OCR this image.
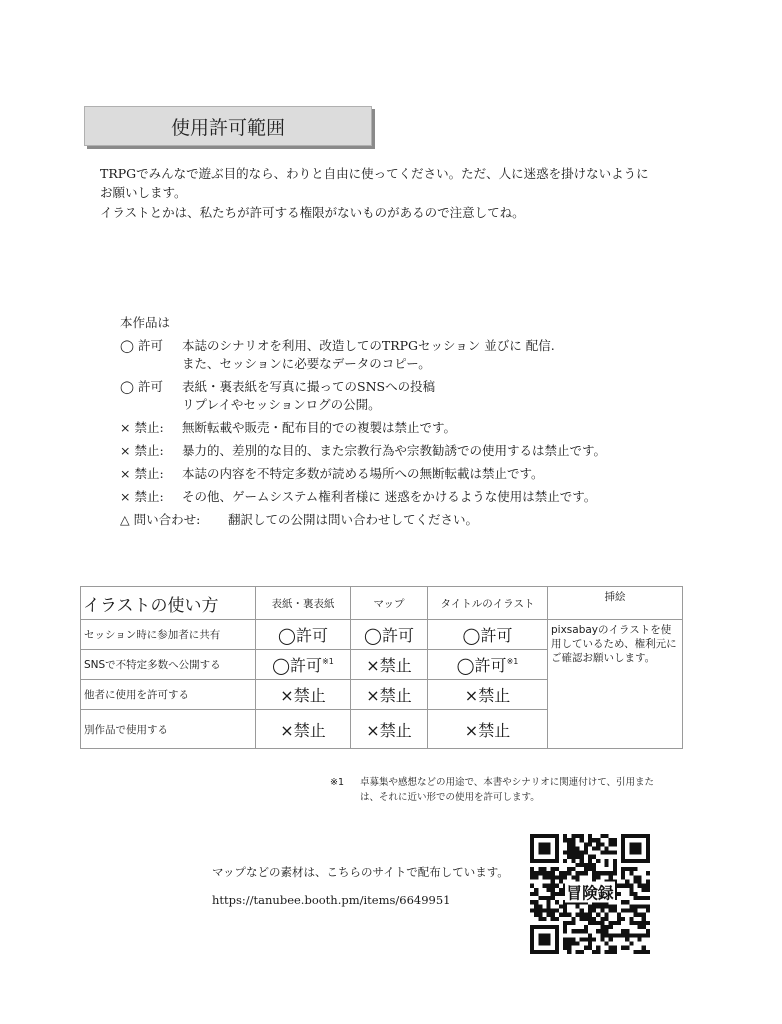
使用許可範囲

TRPGでみんなで遊ぶ目的なら、わりと自由に使ってください。ただ、人に迷惑を掛けないように
お願いします。

イラストとかは、私たちが許可する権限がないものがあるので注意してね。

本作品は

◯ 許可	本誌のシナリオを利用、改造してのTRPGセッション 並びに 配信.

また、セッションに必要なデータのコピー。

◯ 許可	表紙・裏表紙を写真に撮ってのSNSへの投稿

リプレイやセッションログの公開。

× 禁止:	無断転載や販売・配布目的での複製は禁止です。

× 禁止:	暴力的、差別的な目的、また宗教行為や宗教勧誘での使用するは禁止です。

× 禁止:	本誌の内容を不特定多数が読める場所への無断転載は禁止です。

× 禁止:	その他、ゲームシステム権利者様に 迷惑をかけるような使用は禁止です。

△ 問い合わせ:	翻訳しての公開は問い合わせしてください。

イラストの使い方	表紙・裏表紙	マップ	タイトルのイラスト	挿絵
セッション時に参加者に共有	◯許可	◯許可	◯許可	pixsabayのイラストを使用しているため、権利元にご確認お願いします。
SNSで不特定多数へ公開する	◯許可$^{※1}$	×禁止	◯許可$^{※1}$
他者に使用を許可する	×禁止	×禁止	×禁止	
別作品で使用する	×禁止	×禁止	×禁止	
※1 卓募集や感想などの用途で、本書やシナリオに関連付けて、引用また
は、それに近い形での使用を許可します。

マップなどの素材は、こちらのサイトで配布しています。

https://tanubee.booth.pm/items/6649951	冒険録
